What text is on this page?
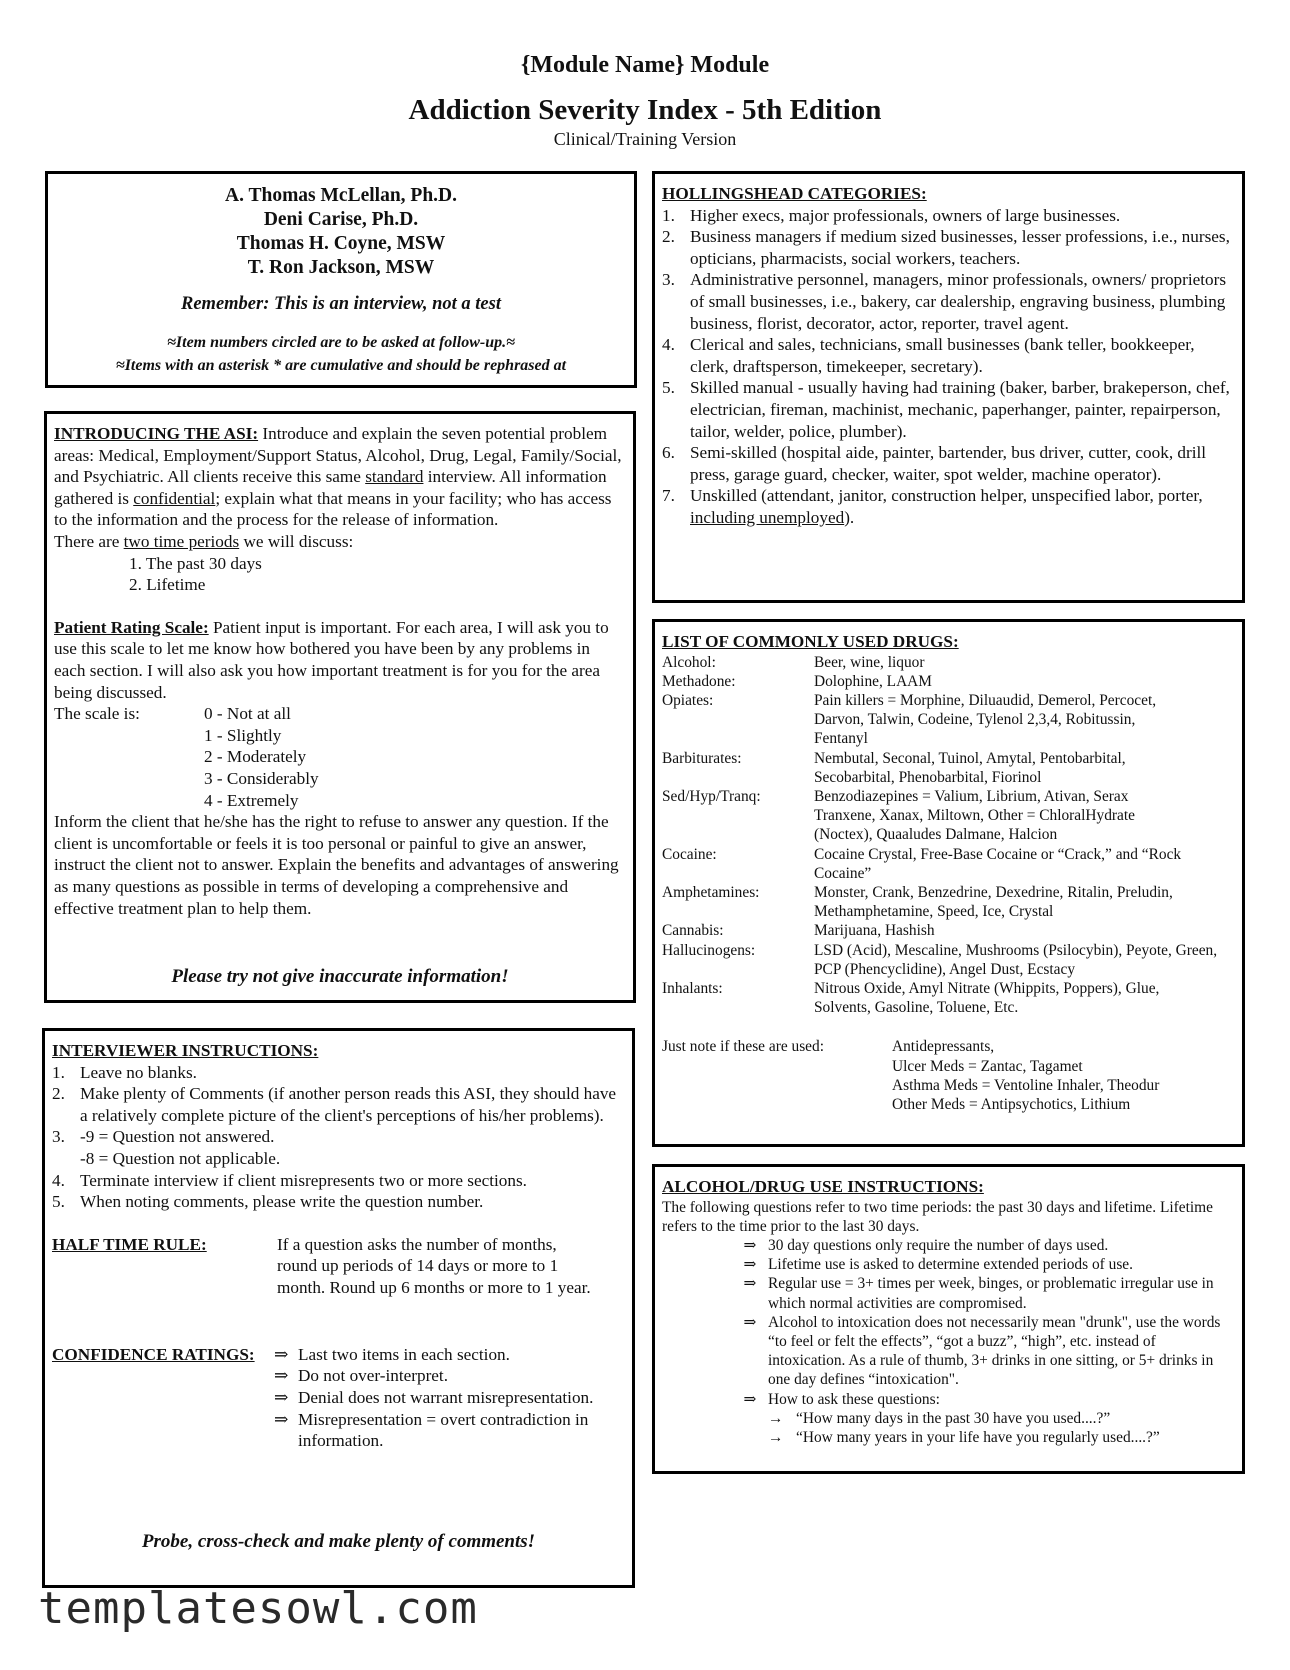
{Module Name} Module
Addiction Severity Index - 5th Edition
Clinical/Training Version
A. Thomas McLellan, Ph.D.
Deni Carise, Ph.D.
Thomas H. Coyne, MSW
T. Ron Jackson, MSW
Remember: This is an interview, not a test
≈Item numbers circled are to be asked at follow-up.≈
≈Items with an asterisk * are cumulative and should be rephrased at
INTRODUCING THE ASI: Introduce and explain the seven potential problem areas: Medical, Employment/Support Status, Alcohol, Drug, Legal, Family/Social, and Psychiatric. All clients receive this same standard interview. All information gathered is confidential; explain what that means in your facility; who has access to the information and the process for the release of information.
There are two time periods we will discuss:
1. The past 30 days
2. Lifetime
Patient Rating Scale: Patient input is important. For each area, I will ask you to use this scale to let me know how bothered you have been by any problems in each section. I will also ask you how important treatment is for you for the area being discussed.
The scale is:	0 - Not at all
1 - Slightly
2 - Moderately
3 - Considerably
4 - Extremely
Inform the client that he/she has the right to refuse to answer any question. If the client is uncomfortable or feels it is too personal or painful to give an answer, instruct the client not to answer. Explain the benefits and advantages of answering as many questions as possible in terms of developing a comprehensive and effective treatment plan to help them.
Please try not give inaccurate information!
INTERVIEWER INSTRUCTIONS:
1. Leave no blanks.
2. Make plenty of Comments (if another person reads this ASI, they should have a relatively complete picture of the client's perceptions of his/her problems).
3. -9 = Question not answered.
-8 = Question not applicable.
4. Terminate interview if client misrepresents two or more sections.
5. When noting comments, please write the question number.
HALF TIME RULE:	If a question asks the number of months, round up periods of 14 days or more to 1 month. Round up 6 months or more to 1 year.
CONFIDENCE RATINGS: ⇒ Last two items in each section.
⇒ Do not over-interpret.
⇒ Denial does not warrant misrepresentation.
⇒ Misrepresentation = overt contradiction in information.
Probe, cross-check and make plenty of comments!
HOLLINGSHEAD CATEGORIES:
1. Higher execs, major professionals, owners of large businesses.
2. Business managers if medium sized businesses, lesser professions, i.e., nurses, opticians, pharmacists, social workers, teachers.
3. Administrative personnel, managers, minor professionals, owners/ proprietors of small businesses, i.e., bakery, car dealership, engraving business, plumbing business, florist, decorator, actor, reporter, travel agent.
4. Clerical and sales, technicians, small businesses (bank teller, bookkeeper, clerk, draftsperson, timekeeper, secretary).
5. Skilled manual - usually having had training (baker, barber, brakeperson, chef, electrician, fireman, machinist, mechanic, paperhanger, painter, repairperson, tailor, welder, police, plumber).
6. Semi-skilled (hospital aide, painter, bartender, bus driver, cutter, cook, drill press, garage guard, checker, waiter, spot welder, machine operator).
7. Unskilled (attendant, janitor, construction helper, unspecified labor, porter, including unemployed).
LIST OF COMMONLY USED DRUGS:
Alcohol:	Beer, wine, liquor
Methadone:	Dolophine, LAAM
Opiates:	Pain killers = Morphine, Diluaudid, Demerol, Percocet, Darvon, Talwin, Codeine, Tylenol 2,3,4, Robitussin, Fentanyl
Barbiturates:	Nembutal, Seconal, Tuinol, Amytal, Pentobarbital, Secobarbital, Phenobarbital, Fiorinol
Sed/Hyp/Tranq:	Benzodiazepines = Valium, Librium, Ativan, Serax Tranxene, Xanax, Miltown, Other = ChloralHydrate (Noctex), Quaaludes Dalmane, Halcion
Cocaine:	Cocaine Crystal, Free-Base Cocaine or “Crack,” and “Rock Cocaine”
Amphetamines:	Monster, Crank, Benzedrine, Dexedrine, Ritalin, Preludin, Methamphetamine, Speed, Ice, Crystal
Cannabis:	Marijuana, Hashish
Hallucinogens:	LSD (Acid), Mescaline, Mushrooms (Psilocybin), Peyote, Green, PCP (Phencyclidine), Angel Dust, Ecstacy
Inhalants:	Nitrous Oxide, Amyl Nitrate (Whippits, Poppers), Glue, Solvents, Gasoline, Toluene, Etc.
Just note if these are used:	Antidepressants,
Ulcer Meds = Zantac, Tagamet
Asthma Meds = Ventoline Inhaler, Theodur
Other Meds = Antipsychotics, Lithium
ALCOHOL/DRUG USE INSTRUCTIONS:
The following questions refer to two time periods: the past 30 days and lifetime. Lifetime refers to the time prior to the last 30 days.
⇒ 30 day questions only require the number of days used.
⇒ Lifetime use is asked to determine extended periods of use.
⇒ Regular use = 3+ times per week, binges, or problematic irregular use in which normal activities are compromised.
⇒ Alcohol to intoxication does not necessarily mean "drunk", use the words “to feel or felt the effects”, “got a buzz”, “high”, etc. instead of intoxication. As a rule of thumb, 3+ drinks in one sitting, or 5+ drinks in one day defines “intoxication".
⇒ How to ask these questions:
→ “How many days in the past 30 have you used....?”
→ “How many years in your life have you regularly used....?”
templatesowl.com
